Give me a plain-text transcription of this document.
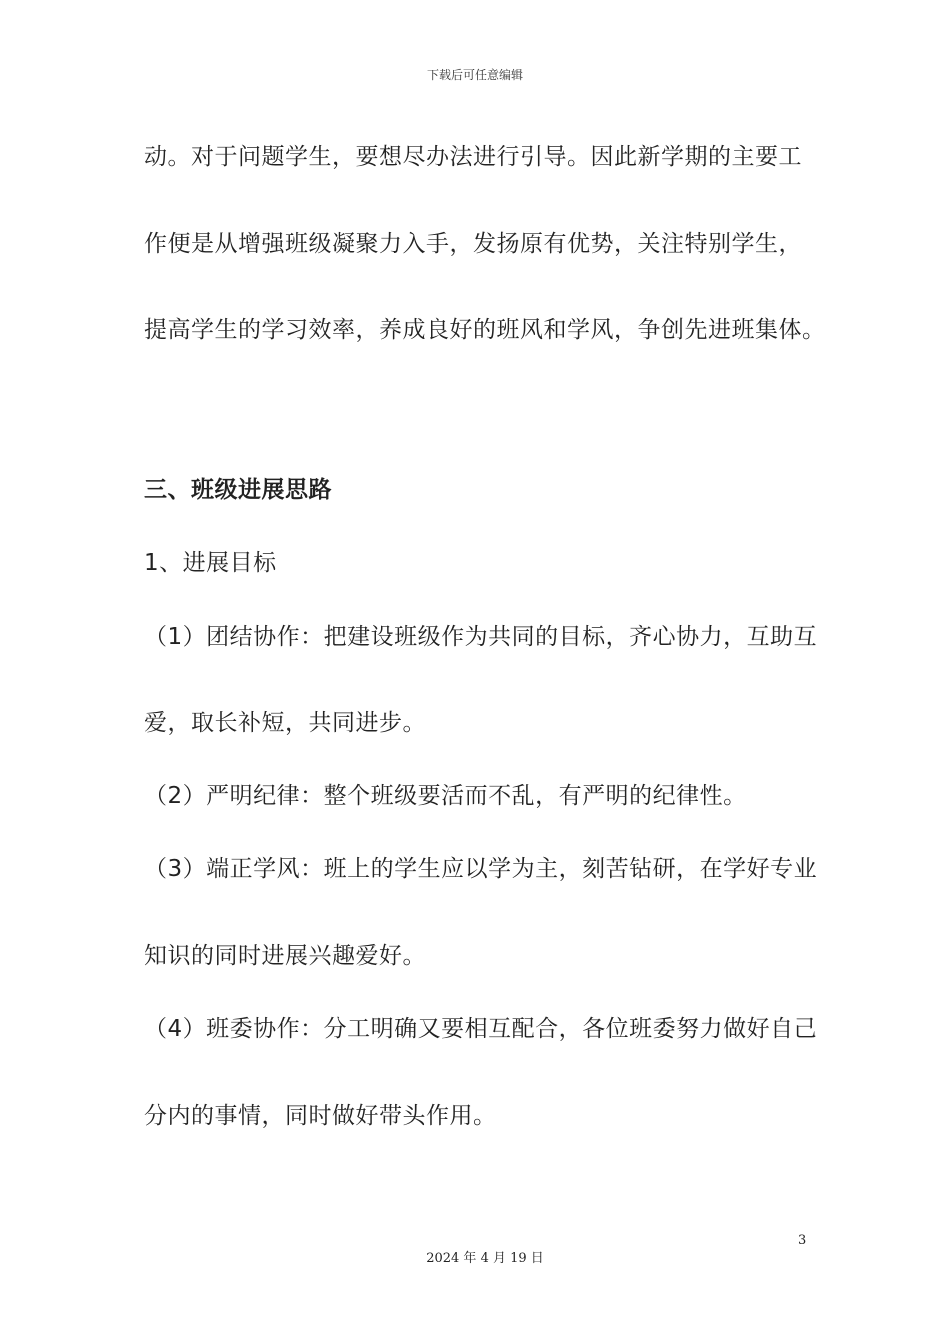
下载后可任意编辑
动。对于问题学生，要想尽办法进行引导。因此新学期的主要工
作便是从增强班级凝聚力入手，发扬原有优势，关注特别学生，
提高学生的学习效率，养成良好的班风和学风，争创先进班集体。
三、班级进展思路
1、进展目标
（1）团结协作：把建设班级作为共同的目标，齐心协力，互助互
爱，取长补短，共同进步。
（2）严明纪律：整个班级要活而不乱，有严明的纪律性。
（3）端正学风：班上的学生应以学为主，刻苦钻研，在学好专业
知识的同时进展兴趣爱好。
（4）班委协作：分工明确又要相互配合，各位班委努力做好自己
分内的事情，同时做好带头作用。
3
2024 年 4 月 19 日
